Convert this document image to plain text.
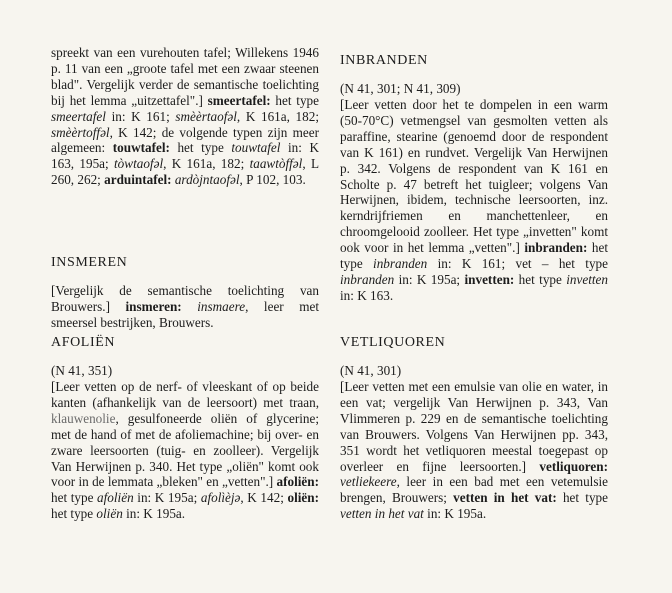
spreekt van een vurehouten tafel; Willekens 1946 p. 11 van een „groote tafel met een zwaar steenen blad". Vergelijk verder de semantische toelichting bij het lemma „uitzettafel".] smeertafel: het type smeertafel in: K 161; smèèrtaofəl, K 161a, 182; smèèrtoffəl, K 142; de volgende typen zijn meer algemeen: touwtafel: het type touwtafel in: K 163, 195a; tòwtaofəl, K 161a, 182; taawtòffəl, L 260, 262; arduintafel: ardòjntaofəl, P 102, 103.

INSMEREN

[Vergelijk de semantische toelichting van Brouwers.] insmeren: insmaere, leer met smeersel bestrijken, Brouwers.

AFOLIËN

(N 41, 351)

[Leer vetten op de nerf- of vleeskant of op beide kanten (afhankelijk van de leersoort) met traan, klauwenolie, gesulfoneerde oliën of glycerine; met de hand of met de afoliemachine; bij over- en zware leersoorten (tuig- en zoolleer). Vergelijk Van Herwijnen p. 340. Het type „oliën" komt ook voor in de lemmata „bleken" en „vetten".] afoliën: het type afoliën in: K 195a; afolìèjə, K 142; oliën: het type oliën in: K 195a.

INBRANDEN

(N 41, 301; N 41, 309)

[Leer vetten door het te dompelen in een warm (50-70°C) vetmengsel van gesmolten vetten als paraffine, stearine (genoemd door de respondent van K 161) en rundvet. Vergelijk Van Herwijnen p. 342. Volgens de respondent van K 161 en Scholte p. 47 betreft het tuigleer; volgens Van Herwijnen, ibidem, technische leersoorten, inz. kerndrijfriemen en manchettenleer, en chroomgelooid zoolleer. Het type „invetten" komt ook voor in het lemma „vetten".] inbranden: het type inbranden in: K 161; vet – het type inbranden in: K 195a; invetten: het type invetten in: K 163.

VETLIQUOREN

(N 41, 301)

[Leer vetten met een emulsie van olie en water, in een vat; vergelijk Van Herwijnen p. 343, Van Vlimmeren p. 229 en de semantische toelichting van Brouwers. Volgens Van Herwijnen pp. 343, 351 wordt het vetliquoren meestal toegepast op overleer en fijne leersoorten.] vetliquoren: vetliekeere, leer in een bad met een vetemulsie brengen, Brouwers; vetten in het vat: het type vetten in het vat in: K 195a.
